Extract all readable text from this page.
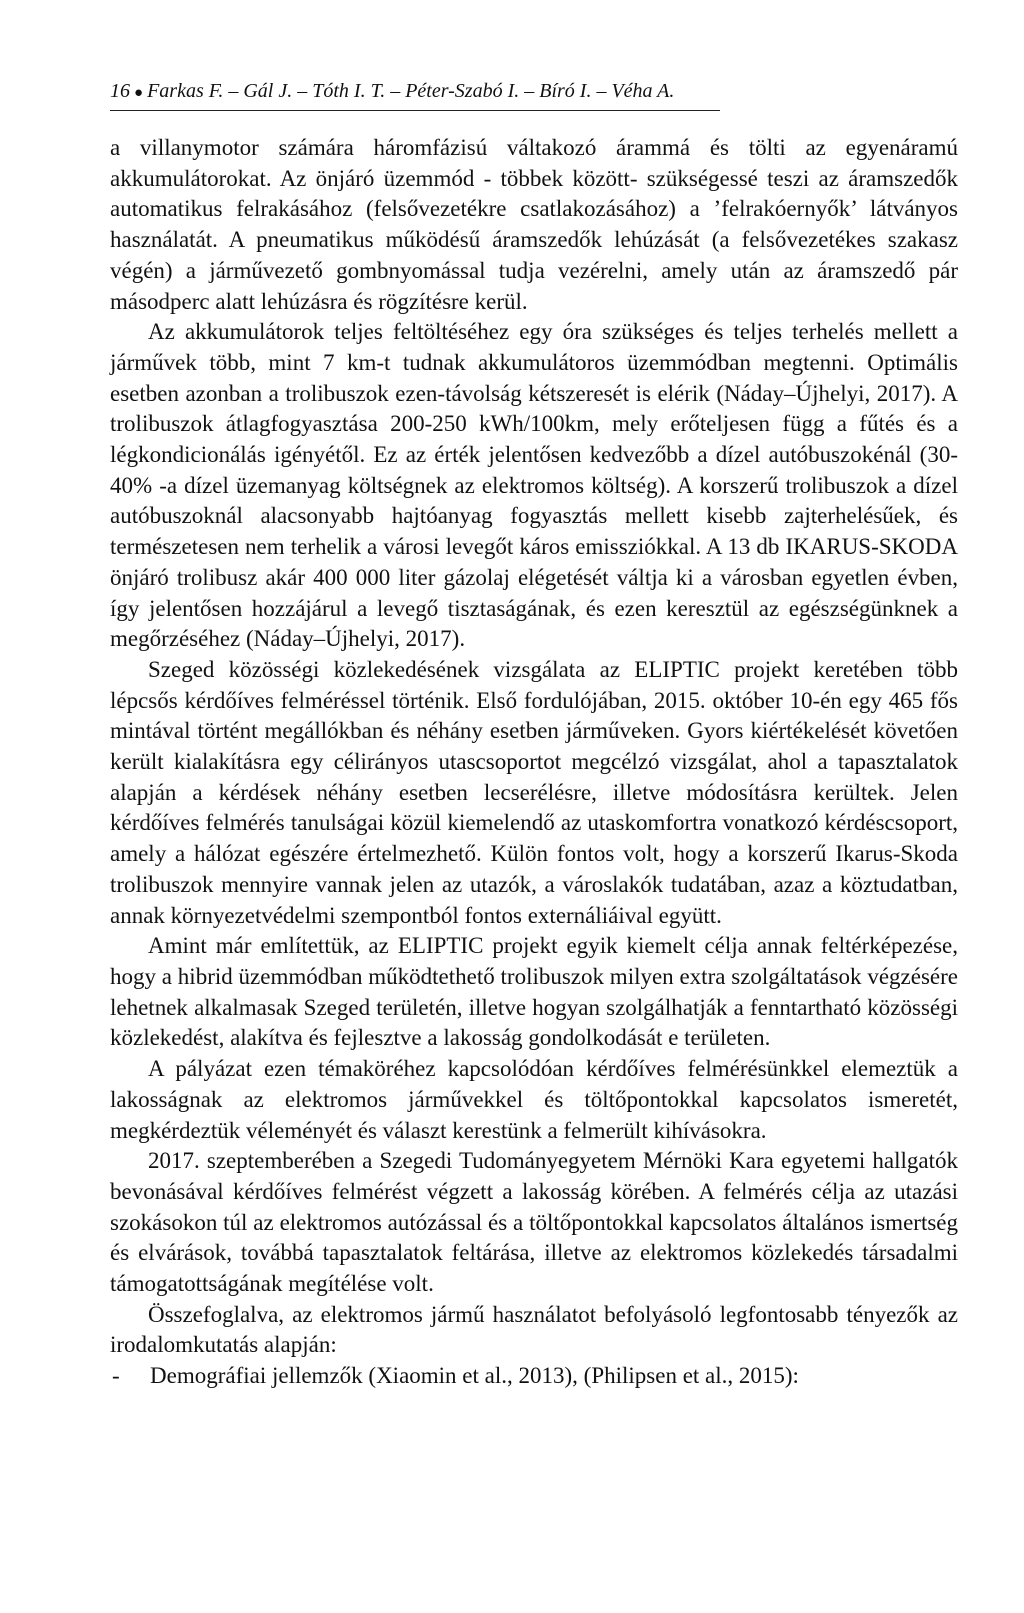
16 ● Farkas F. – Gál J. – Tóth I. T. – Péter-Szabó I. – Bíró I. – Véha A.

a villanymotor számára háromfázisú váltakozó árammá és tölti az egyenáramú akkumulátorokat. Az önjáró üzemmód - többek között- szükségessé teszi az áramszedők automatikus felrakásához (felsővezetékre csatlakozásához) a ’felrakóernyők’ látványos használatát. A pneumatikus működésű áramszedők lehúzását (a felsővezetékes szakasz végén) a járművezető gombnyomással tudja vezérelni, amely után az áramszedő pár másodperc alatt lehúzásra és rögzítésre kerül.

Az akkumulátorok teljes feltöltéséhez egy óra szükséges és teljes terhelés mellett a járművek több, mint 7 km-t tudnak akkumulátoros üzemmódban megtenni. Optimális esetben azonban a trolibuszok ezen-távolság kétszeresét is elérik (Náday–Újhelyi, 2017). A trolibuszok átlagfogyasztása 200-250 kWh/100km, mely erőteljesen függ a fűtés és a légkondicionálás igényétől. Ez az érték jelentősen kedvezőbb a dízel autóbuszokénál (30-40% -a dízel üzemanyag költségnek az elektromos költség). A korszerű trolibuszok a dízel autóbuszoknál alacsonyabb hajtóanyag fogyasztás mellett kisebb zajterhelésűek, és természetesen nem terhelik a városi levegőt káros emissziókkal. A 13 db IKARUS-SKODA önjáró trolibusz akár 400 000 liter gázolaj elégetését váltja ki a városban egyetlen évben, így jelentősen hozzájárul a levegő tisztaságának, és ezen keresztül az egészségünknek a megőrzéséhez (Náday–Újhelyi, 2017).

Szeged közösségi közlekedésének vizsgálata az ELIPTIC projekt keretében több lépcsős kérdőíves felméréssel történik. Első fordulójában, 2015. október 10-én egy 465 fős mintával történt megállókban és néhány esetben járműveken. Gyors kiértékelését követően került kialakításra egy célirányos utascsoportot megcélzó vizsgálat, ahol a tapasztalatok alapján a kérdések néhány esetben lecserélésre, illetve módosításra kerültek. Jelen kérdőíves felmérés tanulságai közül kiemelendő az utaskomfortra vonatkozó kérdéscsoport, amely a hálózat egészére értelmezhető. Külön fontos volt, hogy a korszerű Ikarus-Skoda trolibuszok mennyire vannak jelen az utazók, a városlakók tudatában, azaz a köztudatban, annak környezetvédelmi szempontból fontos externáliáival együtt.

Amint már említettük, az ELIPTIC projekt egyik kiemelt célja annak feltérképezése, hogy a hibrid üzemmódban működtethető trolibuszok milyen extra szolgáltatások végzésére lehetnek alkalmasak Szeged területén, illetve hogyan szolgálhatják a fenntartható közösségi közlekedést, alakítva és fejlesztve a lakosság gondolkodását e területen.

A pályázat ezen témaköréhez kapcsolódóan kérdőíves felmérésünkkel elemeztük a lakosságnak az elektromos járművekkel és töltőpontokkal kapcsolatos ismeretét, megkérdeztük véleményét és választ kerestünk a felmerült kihívásokra.

2017. szeptemberében a Szegedi Tudományegyetem Mérnöki Kara egyetemi hallgatók bevonásával kérdőíves felmérést végzett a lakosság körében. A felmérés célja az utazási szokásokon túl az elektromos autózással és a töltőpontokkal kapcsolatos általános ismertség és elvárások, továbbá tapasztalatok feltárása, illetve az elektromos közlekedés társadalmi támogatottságának megítélése volt.

Összefoglalva, az elektromos jármű használatot befolyásoló legfontosabb tényezők az irodalomkutatás alapján:

-	Demográfiai jellemzők (Xiaomin et al., 2013), (Philipsen et al., 2015):
